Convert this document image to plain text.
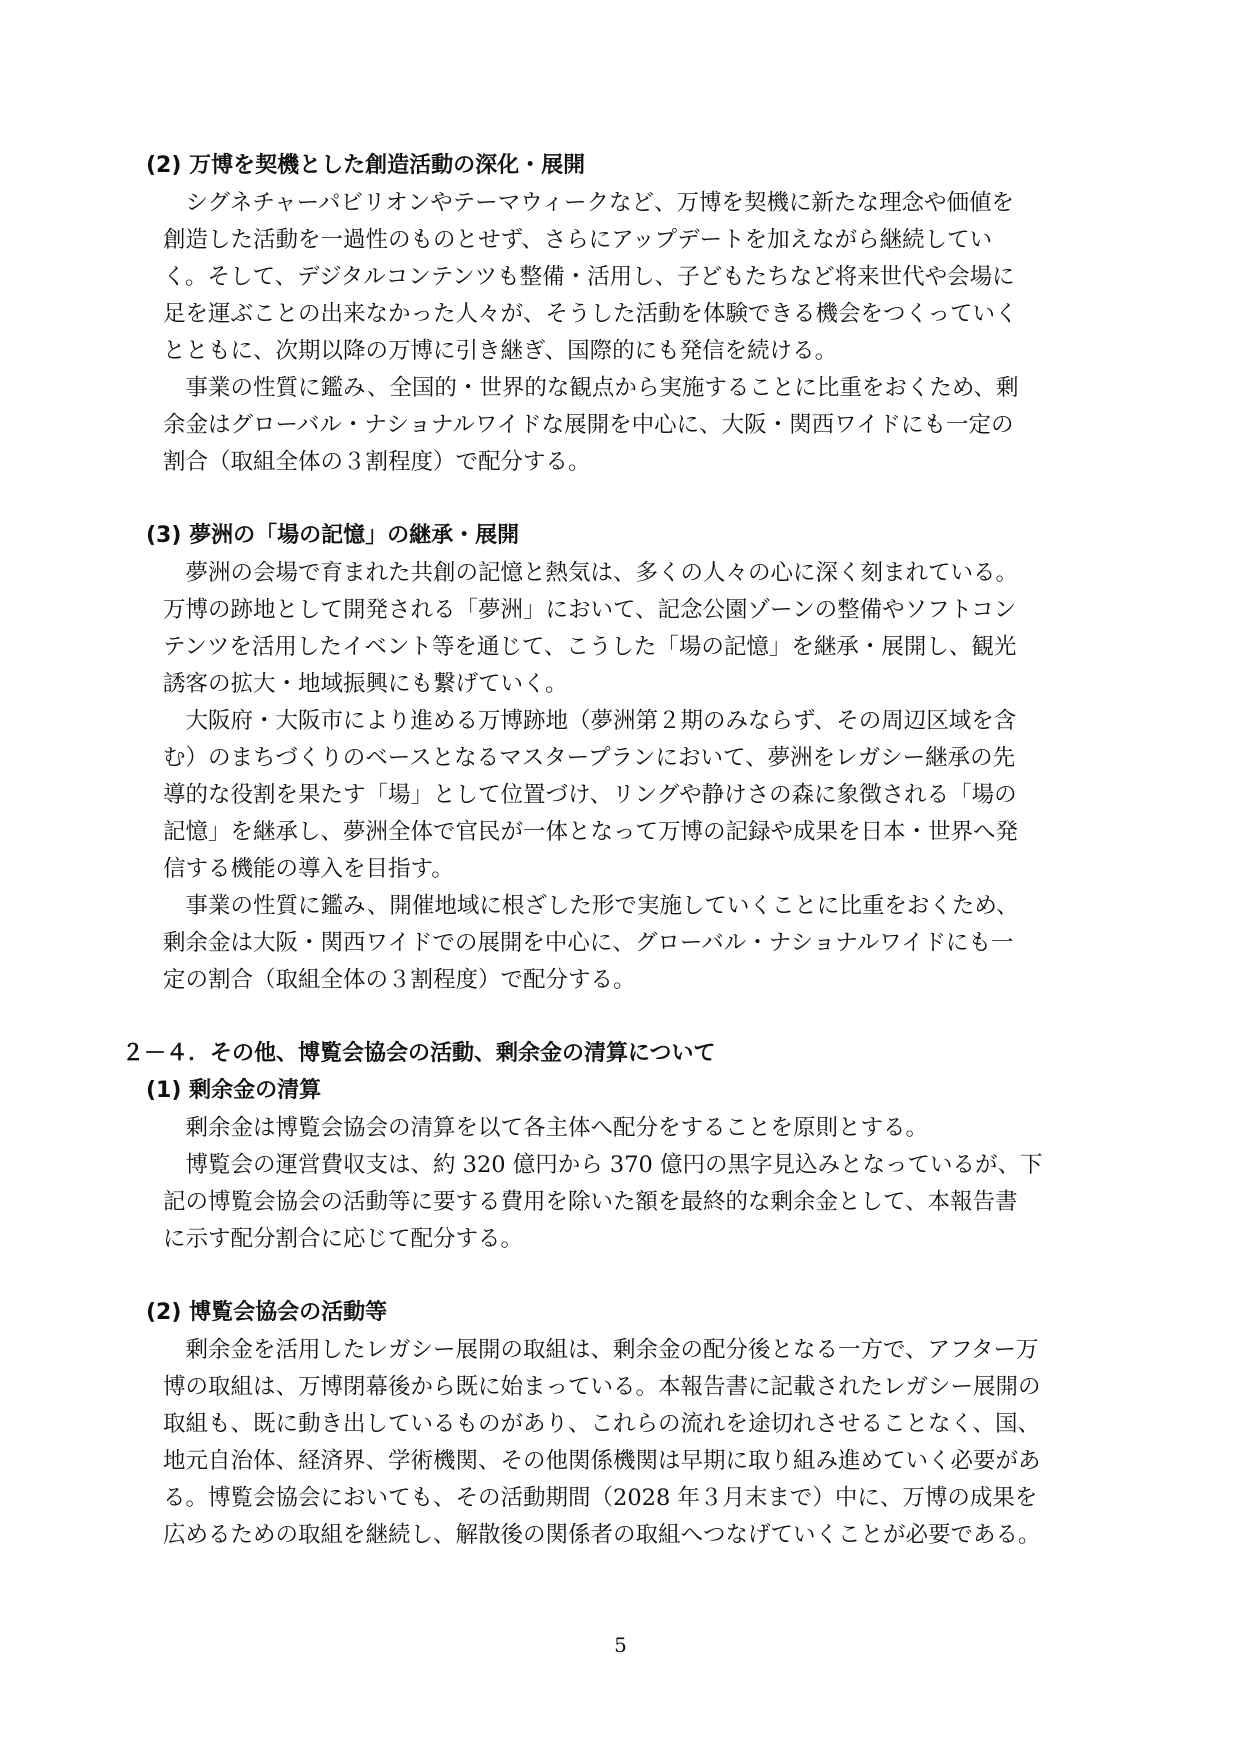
(2) 万博を契機とした創造活動の深化・展開
　シグネチャーパビリオンやテーマウィークなど、万博を契機に新たな理念や価値を
創造した活動を一過性のものとせず、さらにアップデートを加えながら継続してい
く。そして、デジタルコンテンツも整備・活用し、子どもたちなど将来世代や会場に
足を運ぶことの出来なかった人々が、そうした活動を体験できる機会をつくっていく
とともに、次期以降の万博に引き継ぎ、国際的にも発信を続ける。
　事業の性質に鑑み、全国的・世界的な観点から実施することに比重をおくため、剰
余金はグローバル・ナショナルワイドな展開を中心に、大阪・関西ワイドにも一定の
割合（取組全体の３割程度）で配分する。
(3) 夢洲の「場の記憶」の継承・展開
　夢洲の会場で育まれた共創の記憶と熱気は、多くの人々の心に深く刻まれている。
万博の跡地として開発される「夢洲」において、記念公園ゾーンの整備やソフトコン
テンツを活用したイベント等を通じて、こうした「場の記憶」を継承・展開し、観光
誘客の拡大・地域振興にも繋げていく。
　大阪府・大阪市により進める万博跡地（夢洲第２期のみならず、その周辺区域を含
む）のまちづくりのベースとなるマスタープランにおいて、夢洲をレガシー継承の先
導的な役割を果たす「場」として位置づけ、リングや静けさの森に象徴される「場の
記憶」を継承し、夢洲全体で官民が一体となって万博の記録や成果を日本・世界へ発
信する機能の導入を目指す。
　事業の性質に鑑み、開催地域に根ざした形で実施していくことに比重をおくため、
剰余金は大阪・関西ワイドでの展開を中心に、グローバル・ナショナルワイドにも一
定の割合（取組全体の３割程度）で配分する。
２－４．その他、博覧会協会の活動、剰余金の清算について
(1) 剰余金の清算
　剰余金は博覧会協会の清算を以て各主体へ配分をすることを原則とする。
　博覧会の運営費収支は、約 320 億円から 370 億円の黒字見込みとなっているが、下
記の博覧会協会の活動等に要する費用を除いた額を最終的な剰余金として、本報告書
に示す配分割合に応じて配分する。
(2) 博覧会協会の活動等
　剰余金を活用したレガシー展開の取組は、剰余金の配分後となる一方で、アフター万
博の取組は、万博閉幕後から既に始まっている。本報告書に記載されたレガシー展開の
取組も、既に動き出しているものがあり、これらの流れを途切れさせることなく、国、
地元自治体、経済界、学術機関、その他関係機関は早期に取り組み進めていく必要があ
る。博覧会協会においても、その活動期間（2028 年３月末まで）中に、万博の成果を
広めるための取組を継続し、解散後の関係者の取組へつなげていくことが必要である。
5
